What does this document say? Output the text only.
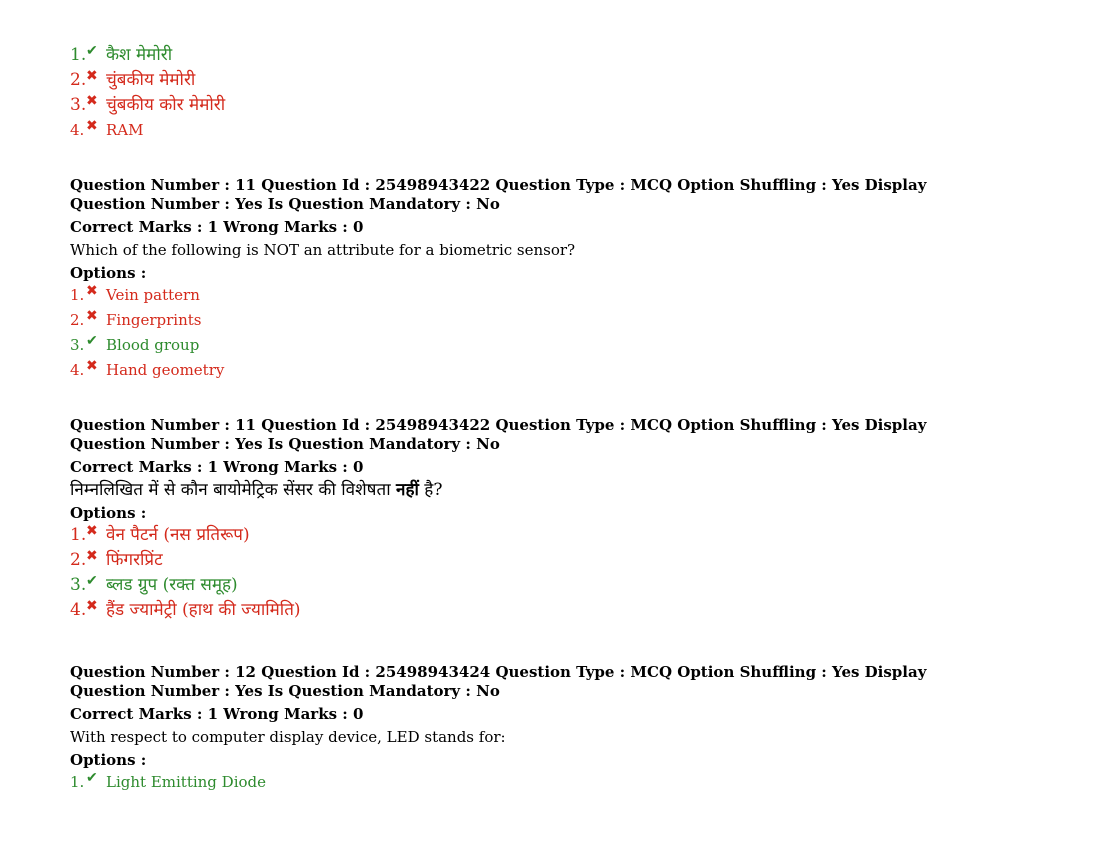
1.✔ कैश मेमोरी
2.✖ चुंबकीय मेमोरी
3.✖ चुंबकीय कोर मेमोरी
4. ✖ RAM
Question Number : 11 Question Id : 25498943422 Question Type : MCQ Option Shuffling : Yes Display Question Number : Yes Is Question Mandatory : No
Correct Marks : 1 Wrong Marks : 0
Which of the following is NOT an attribute for a biometric sensor?
Options :
1. ✖ Vein pattern
2. ✖ Fingerprints
3. ✔ Blood group
4. ✖ Hand geometry
Question Number : 11 Question Id : 25498943422 Question Type : MCQ Option Shuffling : Yes Display Question Number : Yes Is Question Mandatory : No
Correct Marks : 1 Wrong Marks : 0
निम्नलिखित में से कौन बायोमेट्रिक सेंसर की विशेषता नहीं है?
Options :
1.✖ वेन पैटर्न (नस प्रतिरूप)
2.✖ फिंगरप्रिंट
3.✔ ब्लड ग्रुप (रक्त समूह)
4.✖ हैंड ज्यामेट्री (हाथ की ज्यामिति)
Question Number : 12 Question Id : 25498943424 Question Type : MCQ Option Shuffling : Yes Display Question Number : Yes Is Question Mandatory : No
Correct Marks : 1 Wrong Marks : 0
With respect to computer display device, LED stands for:
Options :
1. ✔ Light Emitting Diode
